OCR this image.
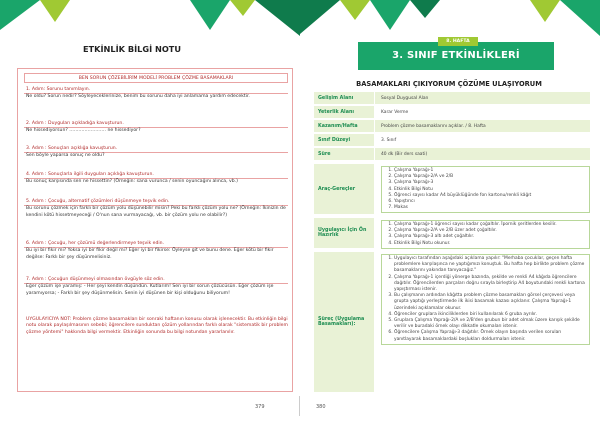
ETKİNLİK BİLGİ NOTU
BEN SORUN ÇÖZEBİLİRİM MODELİ PROBLEM ÇÖZME BASAMAKLARI
1. Adım: Sorunu tanımlayın.
Ne oldu? Sorun nedir? Söyleyeceklerinize, benim bu sorunu daha iyi anlamama yardım edecektir.
2. Adım : Duyguları açıkladığa kavuşturun.
Ne hissediyorsun? …………………… ne hissediyor?
3. Adım : Sonuçları açıklığa kavuşturun.
Sen böyle yaparsa sonuç ne oldu?
4. Adım : Sonuçlarla ilgili duyguları açıklığa kavuşturun.
Bu sonuç karşısında sen ne hissettin? (Örneğin: sana vurunca / senin oyuncağını alınca, vb.)
5. Adım : Çocuğu, alternatif çözümleri düşünmeye teşvik edin.
Bu sorunu çözmek için farklı bir çözüm yolu düşünebilir misin? Peki bu farklı çözüm yolu ne? (Örneğin: İkinizin de kendini kötü hissetmeyeceği / O'nun sana vurmayacağı, vb. bir çözüm yolu ne olabilir?)
6. Adım : Çocuğu, her çözümü değerlendirmeye teşvik edin.
Bu iyi bir fikir mi? Yoksa iyi bir fikir değil mi? Eğer iyi bir fikirse: Öyleyse git ve bunu dene. Eğer kötü bir fikir değilse: Farklı bir şey düşünmelisiniz.
7. Adım : Çocuğun düşünmeyi olmasından övgüyle söz edin.
Eğer çözüm işe yaramış: - Her şeyi kendin düşündün. Kutlarım! Sen iyi bir sorun çözücüsün. Eğer çözüm işe yaramıyorsa; - Farklı bir şey düşünmelisin. Senin iyi düşünen bir kişi olduğunu biliyorum!
UYGULAYICIYA NOT: Problem çözme basamakları bir sonraki haftanın konusu olarak işlenecektir. Bu etkinliğin bilgi notu olarak paylaşılmasının sebebi; öğrencilere sunduktan çözüm yollarından farklı olarak "sistematik bir problem çözme yöntemi" hakkında bilgi vermektir. Etkinliğin sonunda bu bilgi notundan yararlanılır.
379
8. HAFTA
3. SINIF ETKİNLİKLERİ
BASAMAKLARI ÇIKIYORUM ÇÖZÜME ULAŞIYORUM
Gelişim Alanı	Sosyal Duygusal Alan
Yeterlik Alanı	Karar Verme
Kazanım/Hafta	Problem çözme basamaklarını açıklar. / 8. Hafta
Sınıf Düzeyi	3. Sınıf
Süre	40 dk (Bir ders saati)
Araç-Gereçler
1. Çalışma Yaprağı-1
2. Çalışma Yaprağı-2/A ve 2/B
3. Çalışma Yaprağı-3
4. Etkinlik Bilgi Notu
5. Öğrenci sayısı kadar A4 büyüklüğünde fon kartonu/renkli kâğıt
6. Yapıştırıcı
7. Makas
Uygulayıcı İçin Ön Hazırlık
1. Çalışma Yaprağı-1 öğrenci sayısı kadar çoğaltılır. İpornik şeritlerden kesilir.
2. Çalışma Yaprağı-2/A ve 2/B üzer adet çoğaltılır.
3. Çalışma Yaprağı-3 altı adet çoğaltılır.
4. Etkinlik Bilgi Notu okunur.
Süreç (Uygulama Basamakları):
1. Uygulayıcı tarafından aşağıdaki açıklama yapılır: "Merhaba çocuklar, geçen hafta problemlere karşılaşınca ne yaptığımızı konuştuk. Bu hafta hep birlikte problem çözme basamaklarını yakından tanıyacağız."
2. Çalışma Yaprağı-1 içerdiği yönerge bazında, şekilde ve renkli A4 kâğıda öğrencilere dağıtılır. Öğrencilerden parçaları doğru sırayla birleştirip A4 boyutundaki renkli kartona yapıştırması istenir.
3. Bu çalışmanın ardından kâğıtta problem çözme basamakları görsel çerçevesi veya grupta yaptığı yerleştirmede ilk ikisi basamak kazası açıklanır. Çalışma Yaprağı-1 üzerindeki açıklamalar okunur.
4. Öğrenciler gruplara ikinciliklerden biri kullanılarak 6 gruba ayrılır.
5. Gruplara Çalışma Yaprağı-2/A ve 2/B'den grubun bir adet olmak üzere karışık şekilde verilir ve buradaki örnek olayı dikkatle okumaları istenir.
6. Öğrencilere Çalışma Yaprağı-3 dağıtılır. Örnek olayın başında verilen soruları yanıtlayarak basamaklardaki boşlukları doldurmaları istenir.
380
